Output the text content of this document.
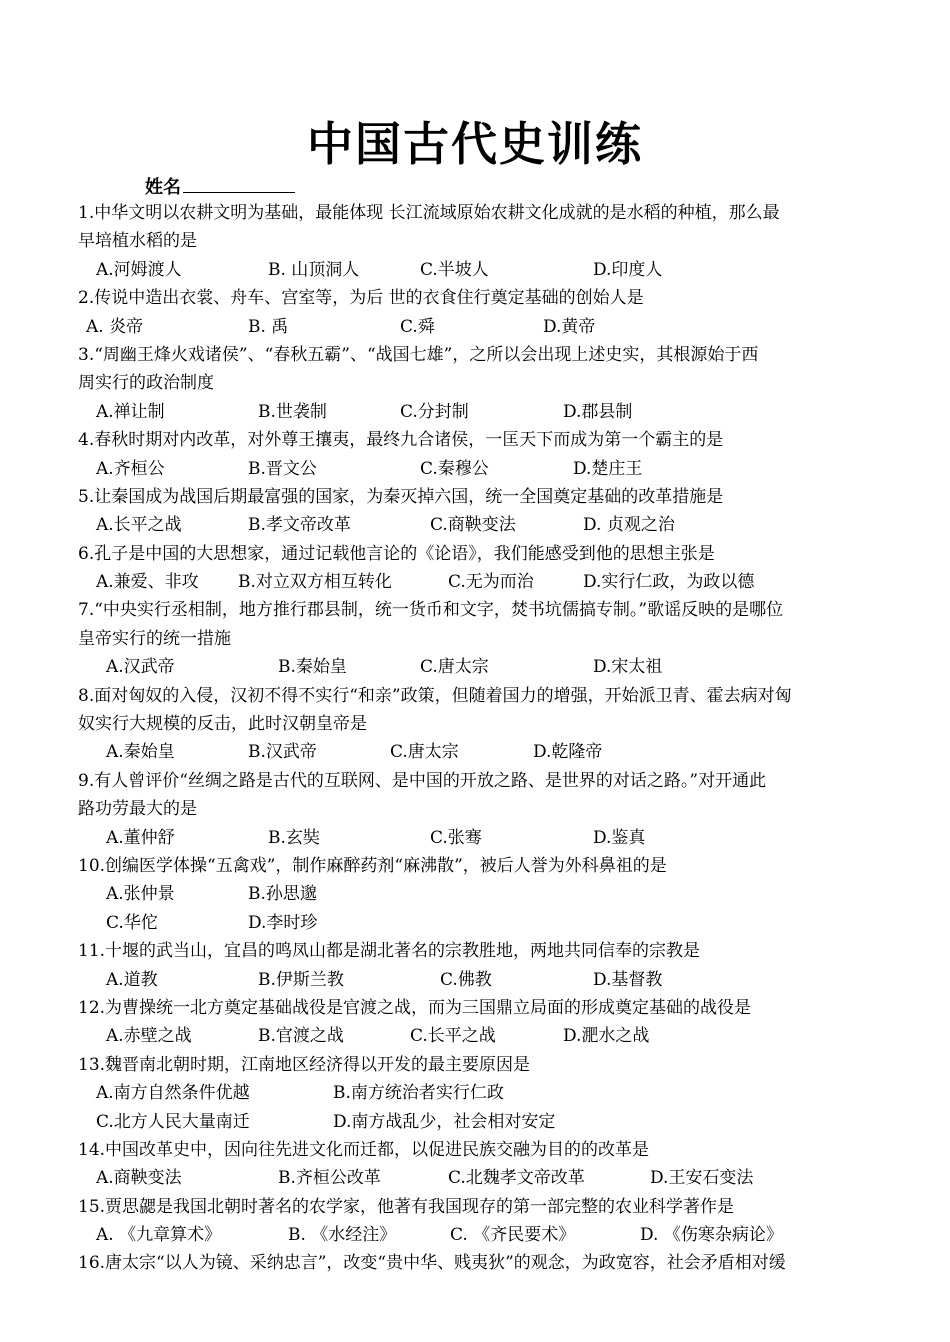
中国古代史训练
姓名
1.中华文明以农耕文明为基础，最能体现 长江流域原始农耕文化成就的是水稻的种植，那么最
早培植水稻的是
A.河姆渡人	B. 山顶洞人	C.半坡人	D.印度人
2.传说中造出衣裳、舟车、宫室等，为后 世的衣食住行奠定基础的创始人是
A. 炎帝	B. 禹	C.舜	D.黄帝
3.“周幽王烽火戏诸侯”、“春秋五霸”、“战国七雄”，之所以会出现上述史实，其根源始于西
周实行的政治制度
A.禅让制	B.世袭制	C.分封制	D.郡县制
4.春秋时期对内改革，对外尊王攘夷，最终九合诸侯，一匡天下而成为第一个霸主的是
A.齐桓公	B.晋文公	C.秦穆公	D.楚庄王
5.让秦国成为战国后期最富强的国家，为秦灭掉六国，统一全国奠定基础的改革措施是
A.长平之战	B.孝文帝改革	C.商鞅变法	D. 贞观之治
6.孔子是中国的大思想家，通过记载他言论的《论语》，我们能感受到他的思想主张是
A.兼爱、非攻 B.对立双方相互转化	C.无为而治	D.实行仁政，为政以德
7.“中央实行丞相制，地方推行郡县制，统一货币和文字，焚书坑儒搞专制。”歌谣反映的是哪位
皇帝实行的统一措施
A.汉武帝	B.秦始皇	C.唐太宗	D.宋太祖
8.面对匈奴的入侵，汉初不得不实行“和亲”政策，但随着国力的增强，开始派卫青、霍去病对匈
奴实行大规模的反击，此时汉朝皇帝是
A.秦始皇	B.汉武帝	C.唐太宗	D.乾隆帝
9.有人曾评价“丝绸之路是古代的互联网、是中国的开放之路、是世界的对话之路。”对开通此
路功劳最大的是
A.董仲舒	B.玄奘	C.张骞	D.鉴真
10.创编医学体操“五禽戏”，制作麻醉药剂“麻沸散”，被后人誉为外科鼻祖的是
A.张仲景	B.孙思邈
C.华佗	D.李时珍
11.十堰的武当山，宜昌的鸣凤山都是湖北著名的宗教胜地，两地共同信奉的宗教是
A.道教	B.伊斯兰教	C.佛教	D.基督教
12.为曹操统一北方奠定基础战役是官渡之战，而为三国鼎立局面的形成奠定基础的战役是
A.赤壁之战	B.官渡之战	C.长平之战	D.淝水之战
13.魏晋南北朝时期，江南地区经济得以开发的最主要原因是
A.南方自然条件优越	B.南方统治者实行仁政
C.北方人民大量南迁	D.南方战乱少，社会相对安定
14.中国改革史中，因向往先进文化而迁都，以促进民族交融为目的的改革是
A.商鞅变法	B.齐桓公改革	C.北魏孝文帝改革	D.王安石变法
15.贾思勰是我国北朝时著名的农学家，他著有我国现存的第一部完整的农业科学著作是
A. 《九章算术》	B. 《水经注》	C. 《齐民要术》	D. 《伤寒杂病论》
16.唐太宗“以人为镜、采纳忠言”，改变“贵中华、贱夷狄”的观念，为政宽容，社会矛盾相对缓
